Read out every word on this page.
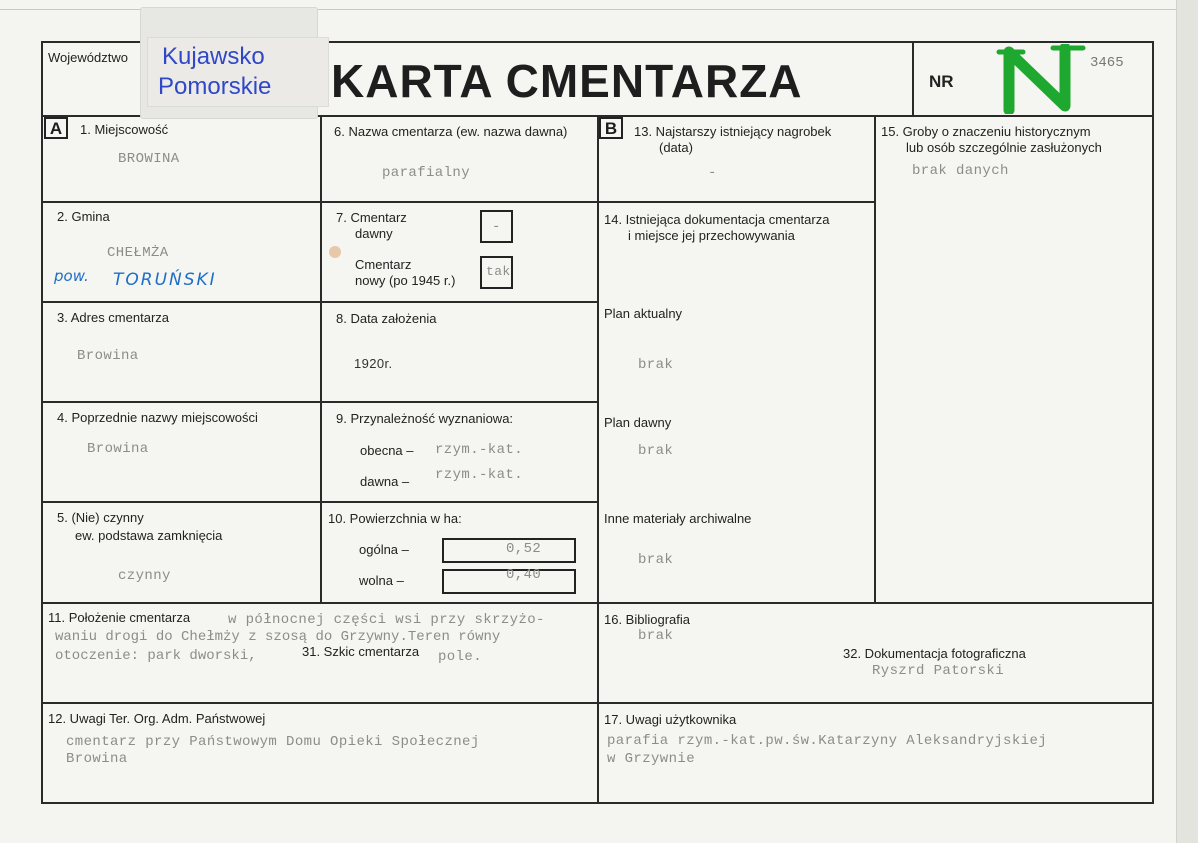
Województwo Kujawsko
Pomorskie KARTA CMENTARZA	NR
3465
A	B
1. Miejscowość
BROWINA
2. Gmina
CHEŁMŻA
pow. TORUŃSKI
3. Adres cmentarza
Browina
4. Poprzednie nazwy miejscowości
Browina
5. (Nie) czynny
ew. podstawa zamknięcia
czynny
6. Nazwa cmentarza (ew. nazwa dawna)
parafialny
7. Cmentarz
dawny	-
Cmentarz
nowy (po 1945 r.)
tak
8. Data założenia
1920r.
9. Przynależność wyznaniowa:
obecna – rzym.-kat.
dawna – rzym.-kat.
10. Powierzchnia w ha:
ogólna –	0,52
wolna –	0,40
11. Położenie cmentarza	w północnej części wsi przy skrzyżo-
waniu drogi do Chełmży z szosą do Grzywny.Teren równy
otoczenie: park dworski,	31. Szkic cmentarza pole.
12. Uwagi Ter. Org. Adm. Państwowej
cmentarz przy Państwowym Domu Opieki Społecznej
Browina
13. Najstarszy istniejący nagrobek
(data)
-
14. Istniejąca dokumentacja cmentarza
i miejsce jej przechowywania
Plan aktualny
brak
Plan dawny
brak
Inne materiały archiwalne
brak
15. Groby o znaczeniu historycznym
lub osób szczególnie zasłużonych
brak danych
16. Bibliografia
brak
32. Dokumentacja fotograficzna
Ryszrd Patorski
17. Uwagi użytkownika
parafia rzym.-kat.pw.św.Katarzyny Aleksandryjskiej
w Grzywnie
